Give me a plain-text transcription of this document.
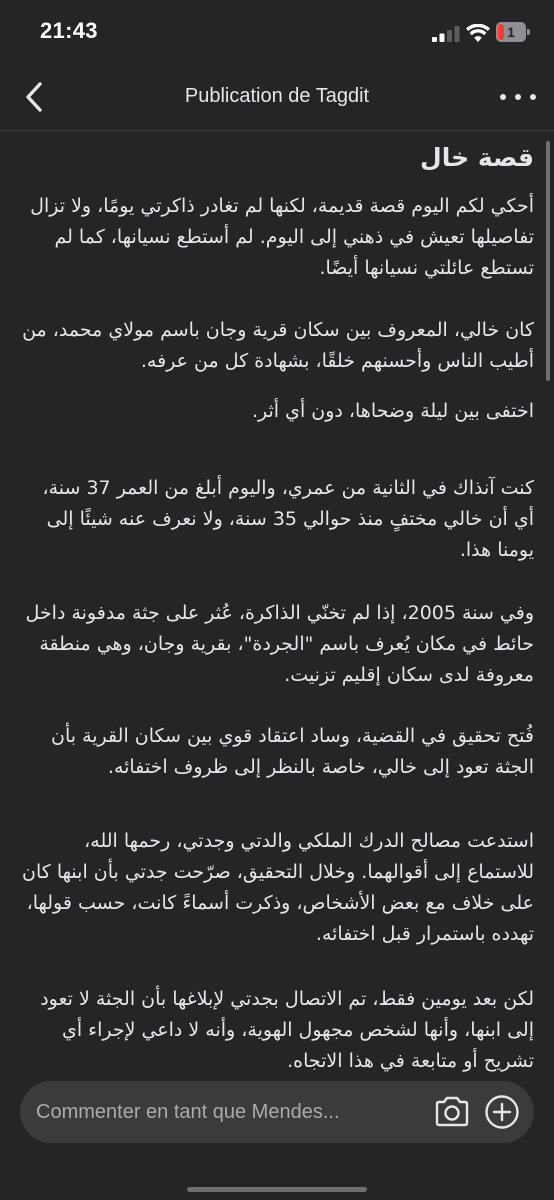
21:43	1
Publication de Tagdit
قصة خال

أحكي لكم اليوم قصة قديمة، لكنها لم تغادر ذاكرتي يومًا، ولا تزال تفاصيلها تعيش في ذهني إلى اليوم. لم أستطع نسيانها، كما لم تستطع عائلتي نسيانها أيضًا.

كان خالي، المعروف بين سكان قرية وجان باسم مولاي محمد، من أطيب الناس وأحسنهم خلقًا، بشهادة كل من عرفه.

اختفى بين ليلة وضحاها، دون أي أثر.

كنت آنذاك في الثانية من عمري، واليوم أبلغ من العمر 37 سنة، أي أن خالي مختفٍ منذ حوالي 35 سنة، ولا نعرف عنه شيئًا إلى يومنا هذا.

وفي سنة 2005، إذا لم تخنّي الذاكرة، عُثر على جثة مدفونة داخل حائط في مكان يُعرف باسم "الجردة"، بقرية وجان، وهي منطقة معروفة لدى سكان إقليم تزنيت.

فُتح تحقيق في القضية، وساد اعتقاد قوي بين سكان القرية بأن الجثة تعود إلى خالي، خاصة بالنظر إلى ظروف اختفائه.

استدعت مصالح الدرك الملكي والدتي وجدتي، رحمها الله، للاستماع إلى أقوالهما. وخلال التحقيق، صرّحت جدتي بأن ابنها كان على خلاف مع بعض الأشخاص، وذكرت أسماءً كانت، حسب قولها، تهدده باستمرار قبل اختفائه.

لكن بعد يومين فقط، تم الاتصال بجدتي لإبلاغها بأن الجثة لا تعود إلى ابنها، وأنها لشخص مجهول الهوية، وأنه لا داعي لإجراء أي تشريح أو متابعة في هذا الاتجاه.

Commenter en tant que Mendes...
